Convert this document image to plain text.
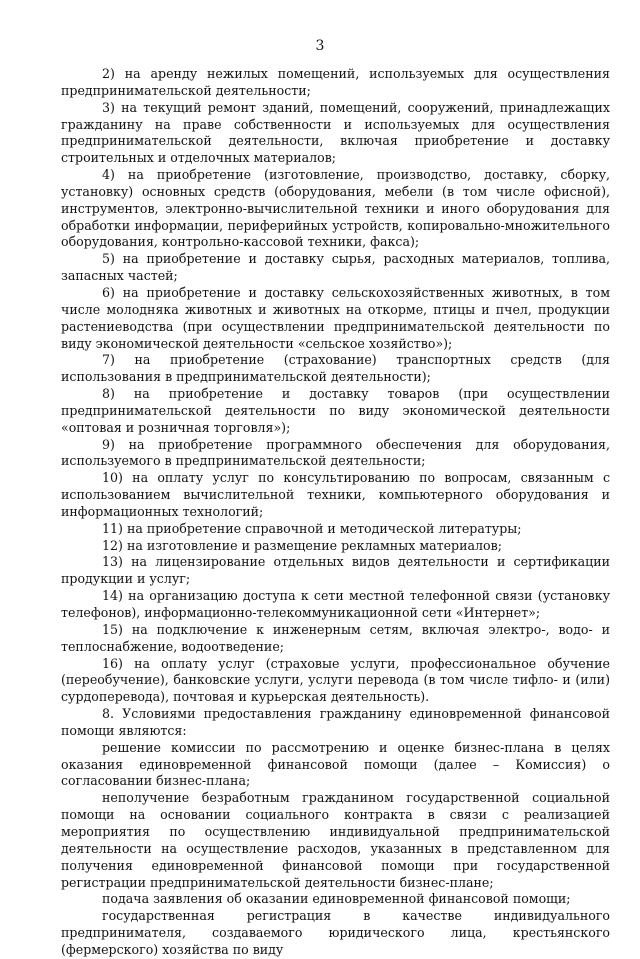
3

2) на аренду нежилых помещений, используемых для осуществления предпринимательской деятельности;

3) на текущий ремонт зданий, помещений, сооружений, принадлежащих гражданину на праве собственности и используемых для осуществления предпринимательской деятельности, включая приобретение и доставку строительных и отделочных материалов;

4) на приобретение (изготовление, производство, доставку, сборку, установку) основных средств (оборудования, мебели (в том числе офисной), инструментов, электронно-вычислительной техники и иного оборудования для обработки информации, периферийных устройств, копировально-множительного оборудования, контрольно-кассовой техники, факса);

5) на приобретение и доставку сырья, расходных материалов, топлива, запасных частей;

6) на приобретение и доставку сельскохозяйственных животных, в том числе молодняка животных и животных на откорме, птицы и пчел, продукции растениеводства (при осуществлении предпринимательской деятельности по виду экономической деятельности «сельское хозяйство»);

7) на приобретение (страхование) транспортных средств (для использования в предпринимательской деятельности);

8) на приобретение и доставку товаров (при осуществлении предпринимательской деятельности по виду экономической деятельности «оптовая и розничная торговля»);

9) на приобретение программного обеспечения для оборудования, используемого в предпринимательской деятельности;

10) на оплату услуг по консультированию по вопросам, связанным с использованием вычислительной техники, компьютерного оборудования и информационных технологий;

11) на приобретение справочной и методической литературы;

12) на изготовление и размещение рекламных материалов;

13) на лицензирование отдельных видов деятельности и сертификации продукции и услуг;

14) на организацию доступа к сети местной телефонной связи (установку телефонов), информационно-телекоммуникационной сети «Интернет»;

15) на подключение к инженерным сетям, включая электро-, водо- и теплоснабжение, водоотведение;

16) на оплату услуг (страховые услуги, профессиональное обучение (переобучение), банковские услуги, услуги перевода (в том числе тифло- и (или) сурдоперевода), почтовая и курьерская деятельность).

8. Условиями предоставления гражданину единовременной финансовой помощи являются:

решение комиссии по рассмотрению и оценке бизнес-плана в целях оказания единовременной финансовой помощи (далее – Комиссия) о согласовании бизнес-плана;

неполучение безработным гражданином государственной социальной помощи на основании социального контракта в связи с реализацией мероприятия по осуществлению индивидуальной предпринимательской деятельности на осуществление расходов, указанных в представленном для получения единовременной финансовой помощи при государственной регистрации предпринимательской деятельности бизнес-плане;

подача заявления об оказании единовременной финансовой помощи;

государственная регистрация в качестве индивидуального предпринимателя, создаваемого юридического лица, крестьянского (фермерского) хозяйства по виду
